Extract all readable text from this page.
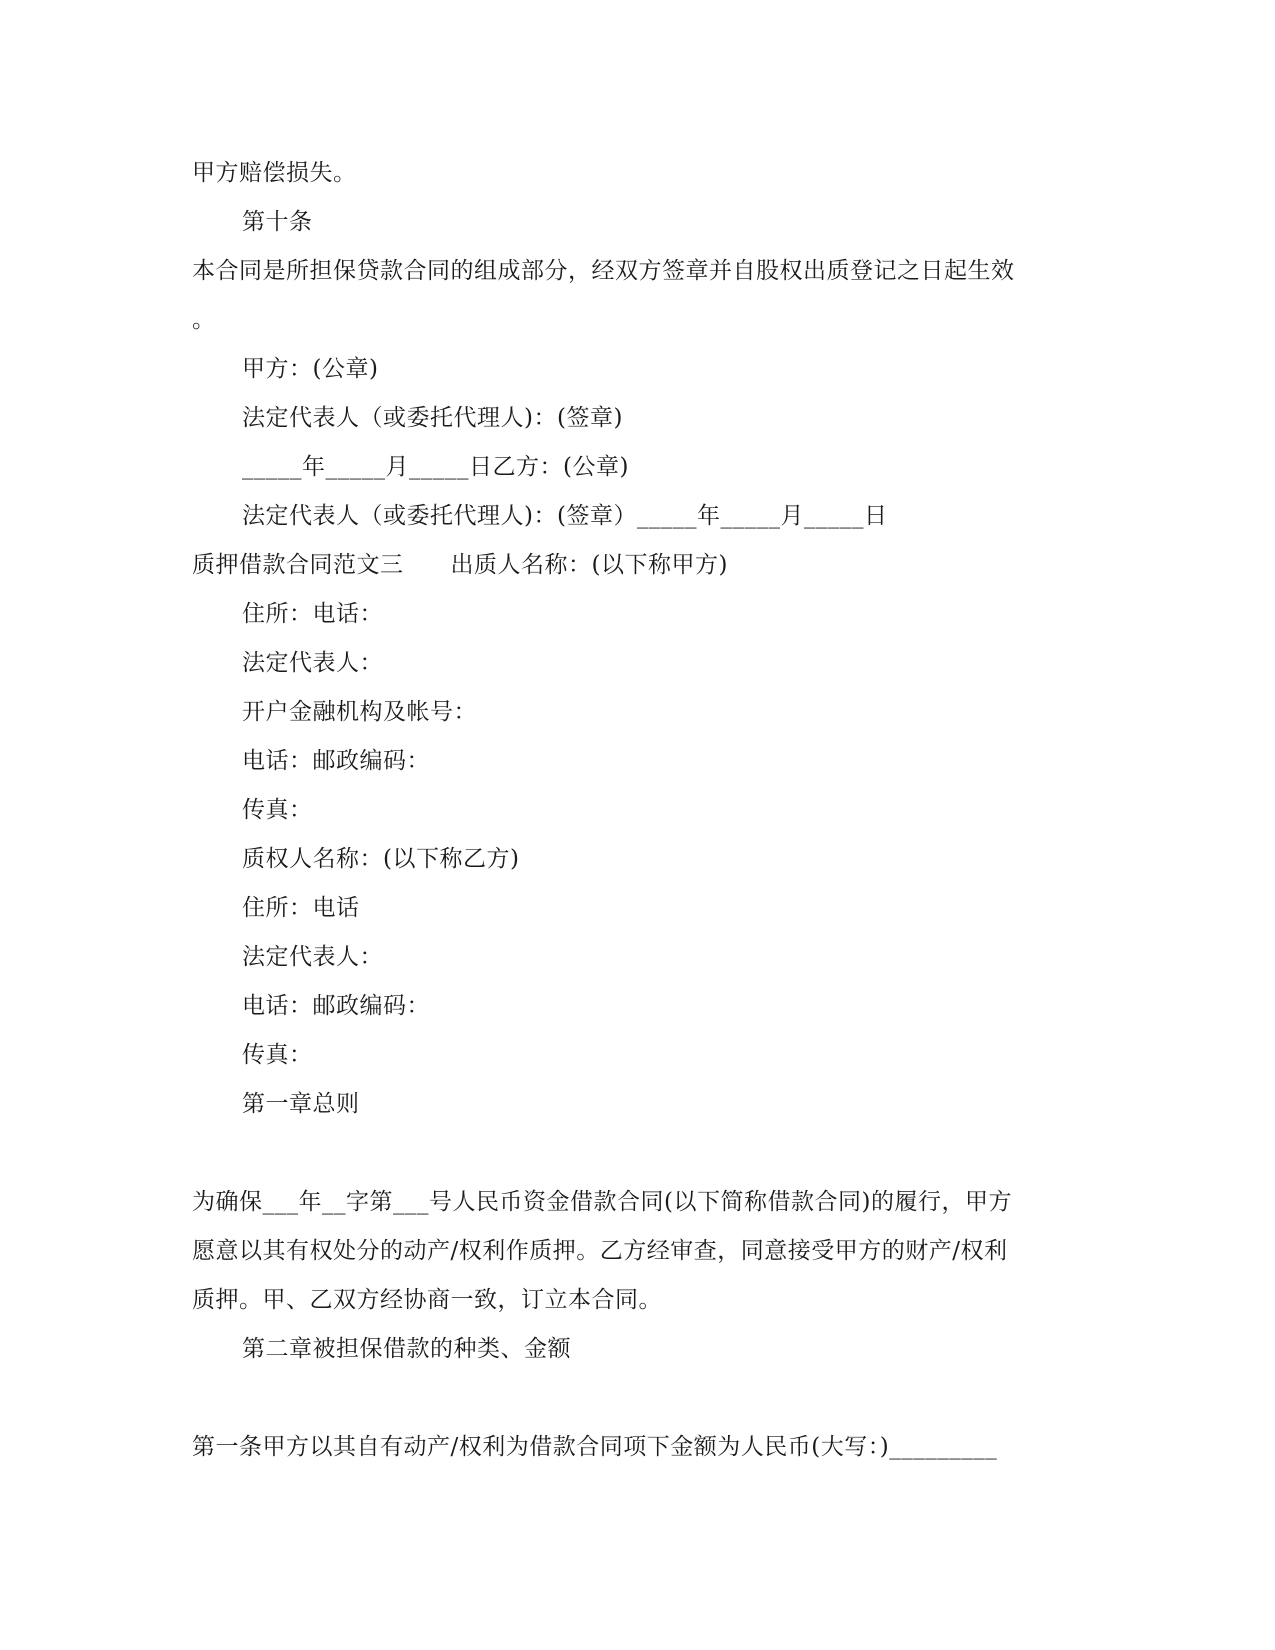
甲方赔偿损失。
第十条
本合同是所担保贷款合同的组成部分，经双方签章并自股权出质登记之日起生效
。
甲方：(公章)
法定代表人（或委托代理人)：(签章)
_____年_____月_____日乙方：(公章)
法定代表人（或委托代理人)：(签章）_____年_____月_____日
质押借款合同范文三　　出质人名称：(以下称甲方)
住所：电话：
法定代表人：
开户金融机构及帐号：
电话：邮政编码：
传真：
质权人名称：(以下称乙方)
住所：电话
法定代表人：
电话：邮政编码：
传真：
第一章总则
为确保___年__字第___号人民币资金借款合同(以下简称借款合同)的履行，甲方
愿意以其有权处分的动产/权利作质押。乙方经审查，同意接受甲方的财产/权利
质押。甲、乙双方经协商一致，订立本合同。
第二章被担保借款的种类、金额
第一条甲方以其自有动产/权利为借款合同项下金额为人民币(大写：)_________
